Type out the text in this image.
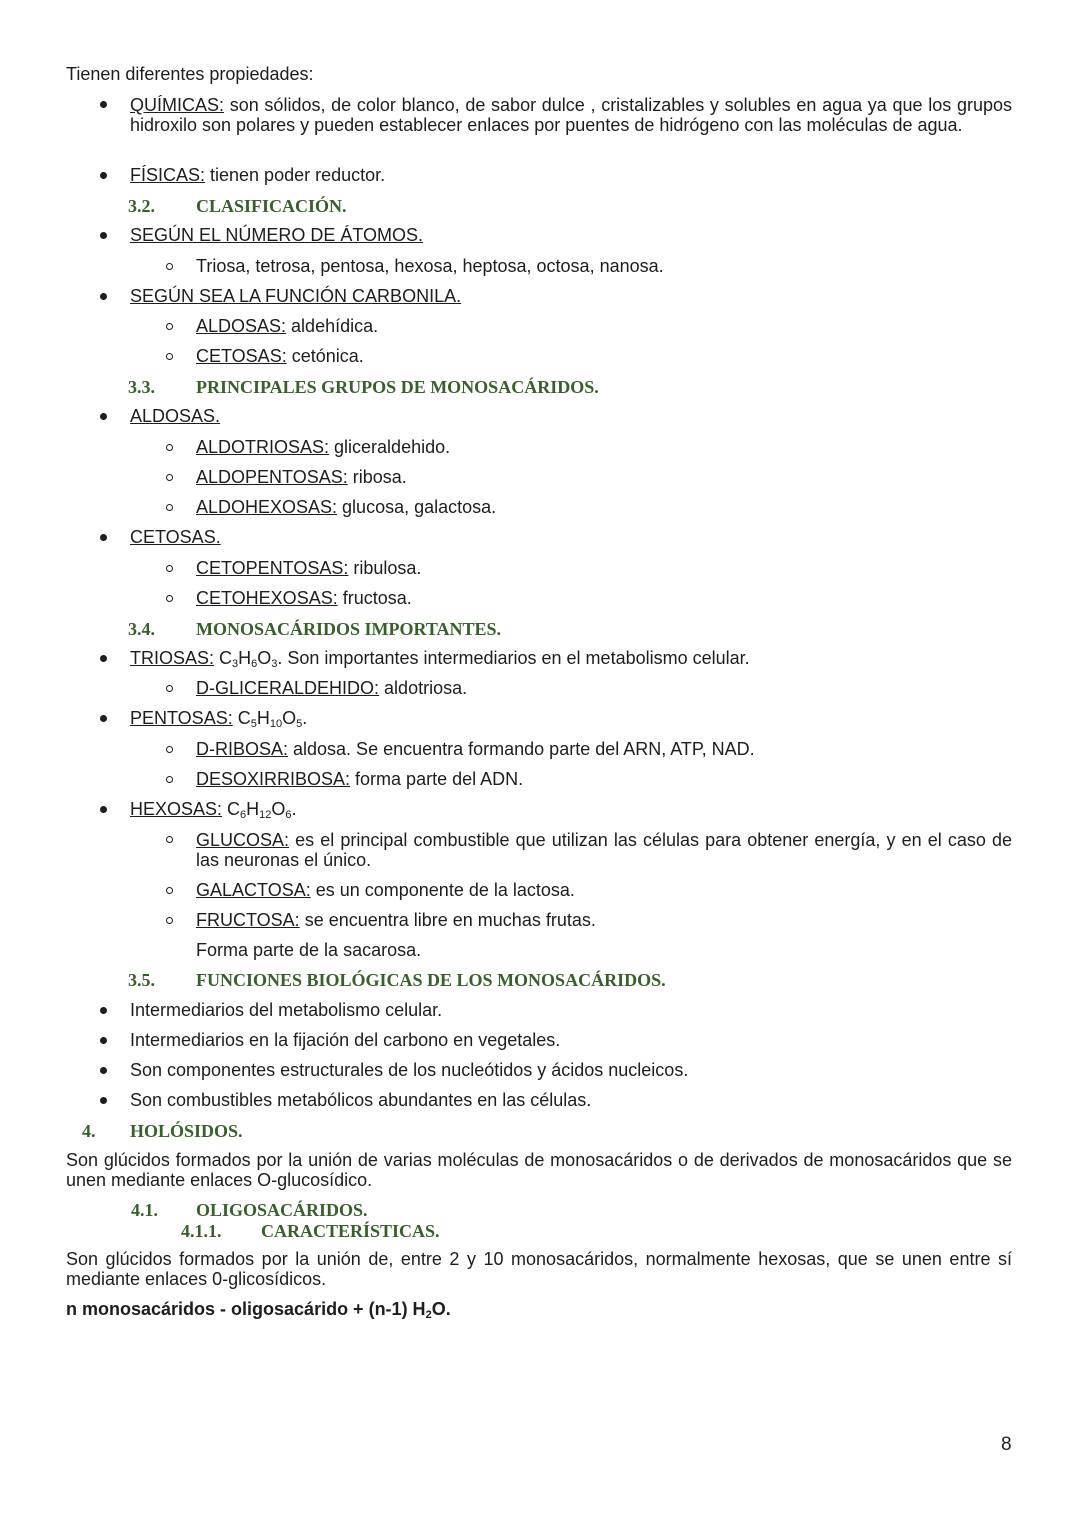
Tienen diferentes propiedades:
QUÍMICAS: son sólidos, de color blanco, de sabor dulce , cristalizables y solubles en agua ya que los grupos hidroxilo son polares y pueden establecer enlaces por puentes de hidrógeno con las moléculas de agua.
FÍSICAS: tienen poder reductor.
3.2. CLASIFICACIÓN.
SEGÚN EL NÚMERO DE ÁTOMOS.
Triosa, tetrosa, pentosa, hexosa, heptosa, octosa, nanosa.
SEGÚN SEA LA FUNCIÓN CARBONILA.
ALDOSAS: aldehídica.
CETOSAS: cetónica.
3.3. PRINCIPALES GRUPOS DE MONOSACÁRIDOS.
ALDOSAS.
ALDOTRIOSAS: gliceraldehido.
ALDOPENTOSAS: ribosa.
ALDOHEXOSAS: glucosa, galactosa.
CETOSAS.
CETOPENTOSAS: ribulosa.
CETOHEXOSAS: fructosa.
3.4. MONOSACÁRIDOS IMPORTANTES.
TRIOSAS: $C_3H_6O_3$. Son importantes intermediarios en el metabolismo celular.
D-GLICERALDEHIDO: aldotriosa.
PENTOSAS: $C_5H_{10}O_5$.
D-RIBOSA: aldosa. Se encuentra formando parte del ARN, ATP, NAD.
DESOXIRRIBOSA: forma parte del ADN.
HEXOSAS: $C_6H_{12}O_6$.
GLUCOSA: es el principal combustible que utilizan las células para obtener energía, y en el caso de las neuronas el único.
GALACTOSA: es un componente de la lactosa.
FRUCTOSA: se encuentra libre en muchas frutas.
Forma parte de la sacarosa.
3.5. FUNCIONES BIOLÓGICAS DE LOS MONOSACÁRIDOS.
Intermediarios del metabolismo celular.
Intermediarios en la fijación del carbono en vegetales.
Son componentes estructurales de los nucleótidos y ácidos nucleicos.
Son combustibles metabólicos abundantes en las células.
4. HOLÓSIDOS.
Son glúcidos formados por la unión de varias moléculas de monosacáridos o de derivados de monosacáridos que se unen mediante enlaces O-glucosídico.
4.1. OLIGOSACÁRIDOS.
4.1.1. CARACTERÍSTICAS.
Son glúcidos formados por la unión de, entre 2 y 10 monosacáridos, normalmente hexosas, que se unen entre sí mediante enlaces 0-glicosídicos.
n monosacáridos - oligosacárido + (n-1) $H_2O$.
8
